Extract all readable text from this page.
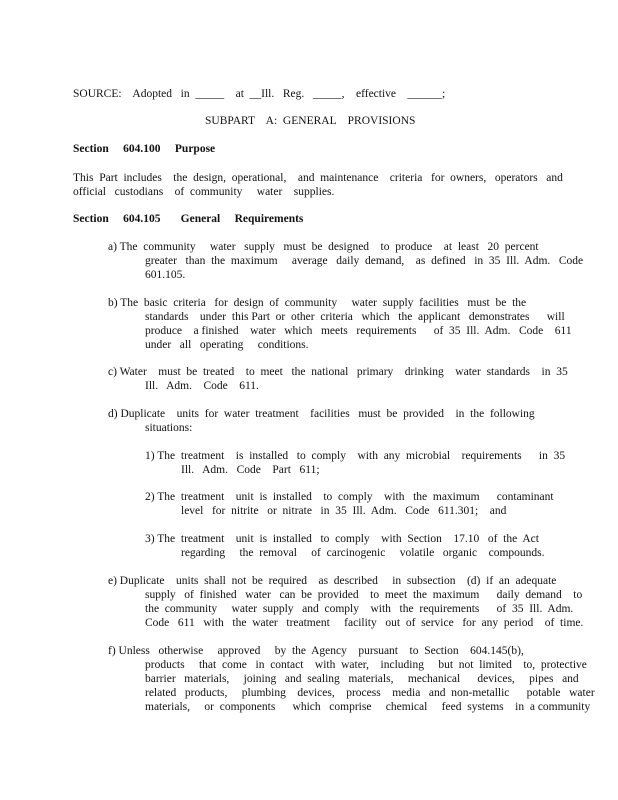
SOURCE:    Adopted   in  _____    at  __Ill.   Reg.   _____,    effective    ______;
SUBPART    A:  GENERAL    PROVISIONS
Section     604.100     Purpose
This  Part  includes    the  design,  operational,    and  maintenance    criteria   for  owners,   operators   and
official   custodians    of  community     water    supplies.
Section     604.105       General     Requirements
a) The  community     water   supply   must  be  designed    to  produce    at  least   20  percent
greater   than  the  maximum     average   daily  demand,    as  defined   in  35  Ill.  Adm.   Code
601.105.
b) The  basic  criteria   for  design  of  community     water  supply  facilities   must  be  the
standards    under  this Part  or  other  criteria   which   the  applicant   demonstrates      will
produce    a finished    water   which   meets   requirements      of  35  Ill.  Adm.   Code    611
under   all   operating     conditions.
c) Water    must  be  treated    to  meet   the  national   primary    drinking    water  standards    in  35
Ill.   Adm.    Code    611.
d) Duplicate    units  for  water  treatment    facilities   must  be  provided    in  the  following
situations:
1) The  treatment    is  installed   to  comply    with  any  microbial    requirements      in  35
Ill.   Adm.   Code    Part   611;
2) The  treatment    unit  is  installed    to  comply    with   the  maximum      contaminant
level   for  nitrite   or  nitrate   in  35  Ill.  Adm.   Code   611.301;    and
3) The  treatment    unit  is  installed   to  comply    with  Section    17.10   of  the  Act
regarding     the  removal     of  carcinogenic     volatile   organic    compounds.
e) Duplicate    units  shall  not  be  required    as  described     in  subsection    (d)  if  an  adequate
supply   of  finished   water   can  be  provided    to  meet  the  maximum      daily  demand    to
the  community     water  supply   and  comply    with   the  requirements      of  35  Ill.  Adm.
Code   611   with   the  water   treatment     facility   out  of  service   for  any  period    of  time.
f) Unless   otherwise     approved     by  the  Agency    pursuant    to  Section    604.145(b),
products     that  come   in  contact    with  water,    including     but  not  limited    to,  protective
barrier   materials,     joining   and  sealing   materials,     mechanical      devices,     pipes   and
related   products,     plumbing    devices,    process    media   and  non-metallic      potable   water
materials,     or  components      which   comprise     chemical     feed  systems    in  a community
